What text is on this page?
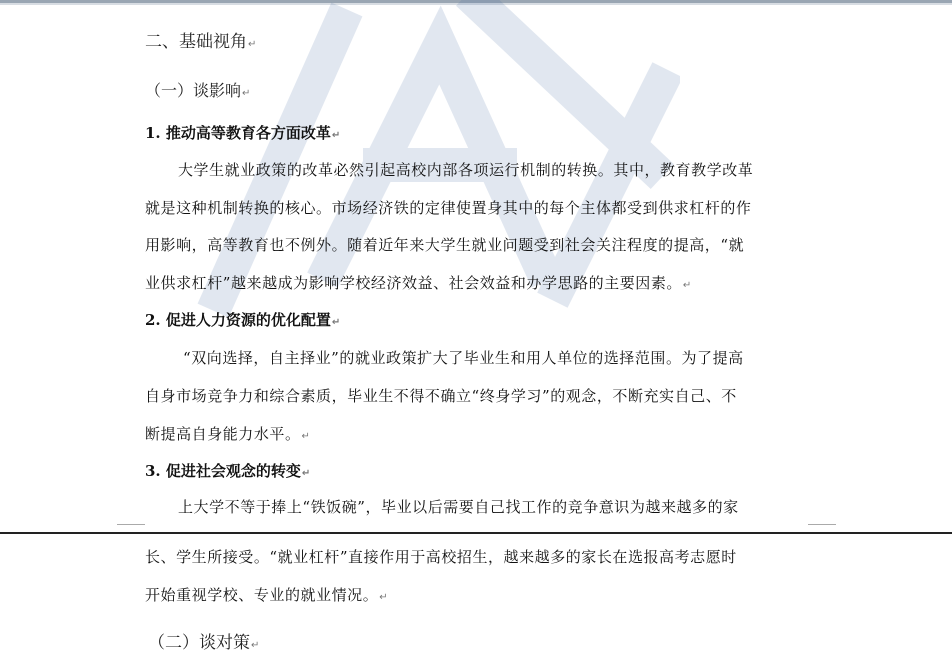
二、基础视角↵
（一）谈影响↵
1. 推动高等教育各方面改革↵
大学生就业政策的改革必然引起高校内部各项运行机制的转换。其中，教育教学改革
就是这种机制转换的核心。市场经济铁的定律使置身其中的每个主体都受到供求杠杆的作
用影响，高等教育也不例外。随着近年来大学生就业问题受到社会关注程度的提高，“就
业供求杠杆”越来越成为影响学校经济效益、社会效益和办学思路的主要因素。↵
2. 促进人力资源的优化配置↵
“双向选择，自主择业”的就业政策扩大了毕业生和用人单位的选择范围。为了提高
自身市场竞争力和综合素质，毕业生不得不确立“终身学习”的观念，不断充实自己、不
断提高自身能力水平。↵
3. 促进社会观念的转变↵
上大学不等于捧上“铁饭碗”，毕业以后需要自己找工作的竞争意识为越来越多的家
长、学生所接受。“就业杠杆”直接作用于高校招生，越来越多的家长在选报高考志愿时
开始重视学校、专业的就业情况。↵
（二）谈对策↵
